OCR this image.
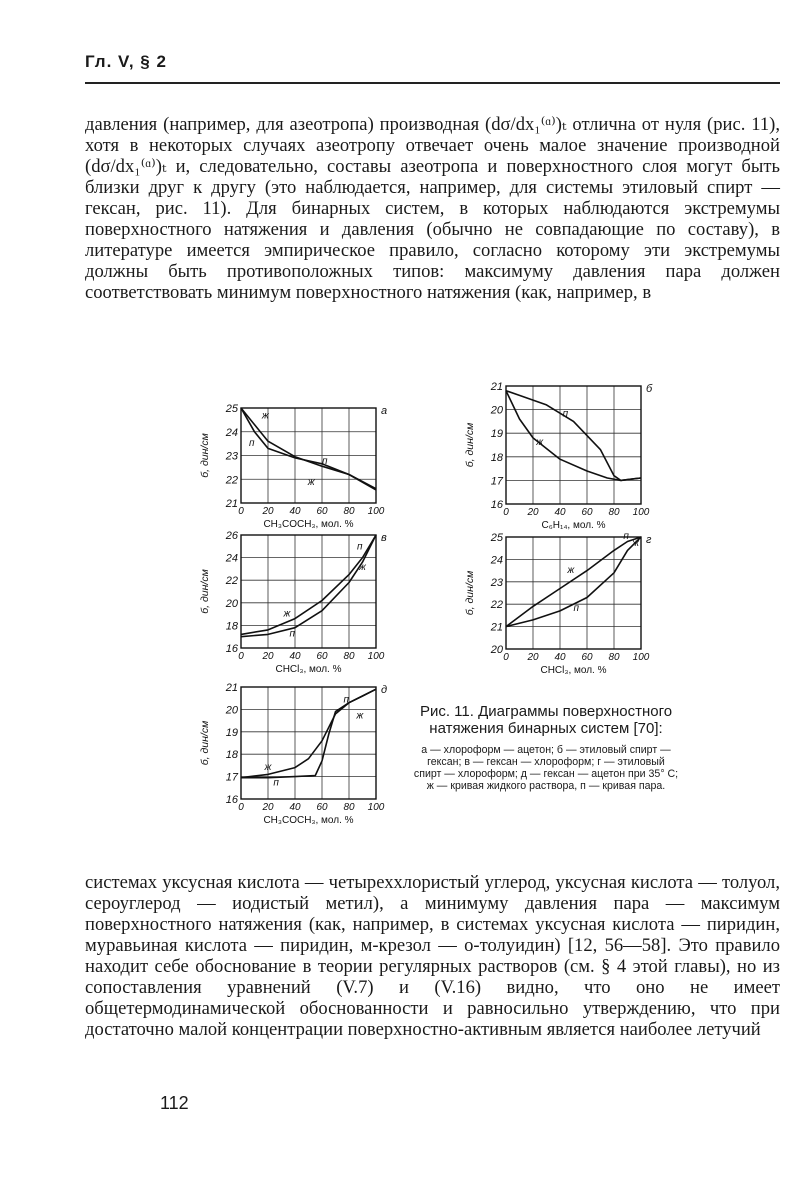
Гл. V, § 2

давления (например, для азеотропа) производная (dσ/dx₁⁽ᵅ⁾)ₜ отлична от нуля (рис. 11), хотя в некоторых случаях азеотропу отвечает очень малое значение производной (dσ/dx₁⁽ᵅ⁾)ₜ и, следовательно, составы азеотропа и поверхностного слоя могут быть близки друг к другу (это наблюдается, например, для системы этиловый спирт — гексан, рис. 11). Для бинарных систем, в которых наблюдаются экстремумы поверхностного натяжения и давления (обычно не совпадающие по составу), в литературе имеется эмпирическое правило, согласно которому эти экстремумы должны быть противоположных типов: максимуму давления пара должен соответствовать минимум поверхностного натяжения (как, например, в

0 20 40 60 80 100
21
22
23
24
25
CH₃COCH₃, мол. %
б, дин/см
а
ж
п
п
ж
0 20 40 60 80 100
16
17
18
19
20
21
C₆H₁₄, мол. %
б, дин/см
б
п
ж
0 20 40 60 80 100
16
18
20
22
24
26
CHCl₃, мол. %
б, дин/см
в
ж
п
ж
п
0 20 40 60 80 100
20
21
22
23
24
25
CHCl₃, мол. %
б, дин/см
г
ж
п
п
ж
0 20 40 60 80 100
16
17
18
19
20
21
CH₃COCH₃, мол. %
б, дин/см
д
ж
п
п
ж	Рис. 11. Диаграммы поверхностного натяжения бинарных систем [70]:

а — хлороформ — ацетон; б — этиловый спирт — гексан; в — гексан — хлороформ; г — этиловый спирт — хлороформ; д — гексан — ацетон при 35° С; ж — кривая жидкого раствора, п — кривая пара.

системах уксусная кислота — четыреххлористый углерод, уксусная кислота — толуол, сероуглерод — иодистый метил), а минимуму давления пара — максимум поверхностного натяжения (как, например, в системах уксусная кислота — пиридин, муравьиная кислота — пиридин, м-крезол — о-толуидин) [12, 56—58]. Это правило находит себе обоснование в теории регулярных растворов (см. § 4 этой главы), но из сопоставления уравнений (V.7) и (V.16) видно, что оно не имеет общетермодинамической обоснованности и равносильно утверждению, что при достаточно малой концентрации поверхностно-активным является наиболее летучий

112
